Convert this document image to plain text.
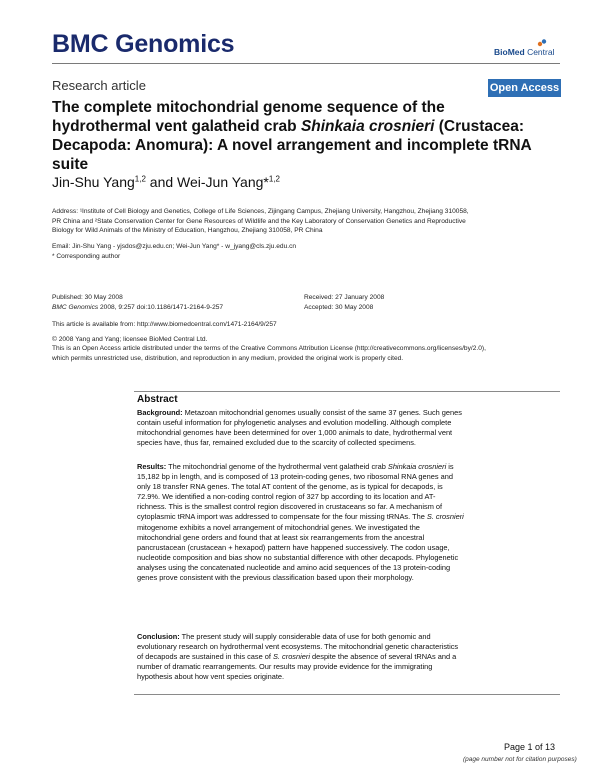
BMC Genomics	BioMed Central
Research article	Open Access
The complete mitochondrial genome sequence of the
hydrothermal vent galatheid crab Shinkaia crosnieri (Crustacea:
Decapoda: Anomura): A novel arrangement and incomplete tRNA
suite
Jin-Shu Yang$^{1,2}$ and Wei-Jun Yang*$^{1,2}$
Address: ¹Institute of Cell Biology and Genetics, College of Life Sciences, Zijingang Campus, Zhejiang University, Hangzhou, Zhejiang 310058,
PR China and ²State Conservation Center for Gene Resources of Wildlife and the Key Laboratory of Conservation Genetics and Reproductive
Biology for Wild Animals of the Ministry of Education, Hangzhou, Zhejiang 310058, PR China
Email: Jin-Shu Yang - yjsdos@zju.edu.cn; Wei-Jun Yang* - w_jyang@cls.zju.edu.cn
* Corresponding author
Published: 30 May 2008
BMC Genomics 2008, 9:257 doi:10.1186/1471-2164-9-257
Received: 27 January 2008
Accepted: 30 May 2008
This article is available from: http://www.biomedcentral.com/1471-2164/9/257
© 2008 Yang and Yang; licensee BioMed Central Ltd.
This is an Open Access article distributed under the terms of the Creative Commons Attribution License (http://creativecommons.org/licenses/by/2.0),
which permits unrestricted use, distribution, and reproduction in any medium, provided the original work is properly cited.
Abstract
Background: Metazoan mitochondrial genomes usually consist of the same 37 genes. Such genes
contain useful information for phylogenetic analyses and evolution modelling. Although complete
mitochondrial genomes have been determined for over 1,000 animals to date, hydrothermal vent
species have, thus far, remained excluded due to the scarcity of collected specimens.
Results: The mitochondrial genome of the hydrothermal vent galatheid crab Shinkaia crosnieri is
15,182 bp in length, and is composed of 13 protein-coding genes, two ribosomal RNA genes and
only 18 transfer RNA genes. The total AT content of the genome, as is typical for decapods, is
72.9%. We identified a non-coding control region of 327 bp according to its location and AT-
richness. This is the smallest control region discovered in crustaceans so far. A mechanism of
cytoplasmic tRNA import was addressed to compensate for the four missing tRNAs. The S. crosnieri
mitogenome exhibits a novel arrangement of mitochondrial genes. We investigated the
mitochondrial gene orders and found that at least six rearrangements from the ancestral
pancrustacean (crustacean + hexapod) pattern have happened successively. The codon usage,
nucleotide composition and bias show no substantial difference with other decapods. Phylogenetic
analyses using the concatenated nucleotide and amino acid sequences of the 13 protein-coding
genes prove consistent with the previous classification based upon their morphology.
Conclusion: The present study will supply considerable data of use for both genomic and
evolutionary research on hydrothermal vent ecosystems. The mitochondrial genetic characteristics
of decapods are sustained in this case of S. crosnieri despite the absence of several tRNAs and a
number of dramatic rearrangements. Our results may provide evidence for the immigrating
hypothesis about how vent species originate.
Page 1 of 13
(page number not for citation purposes)
